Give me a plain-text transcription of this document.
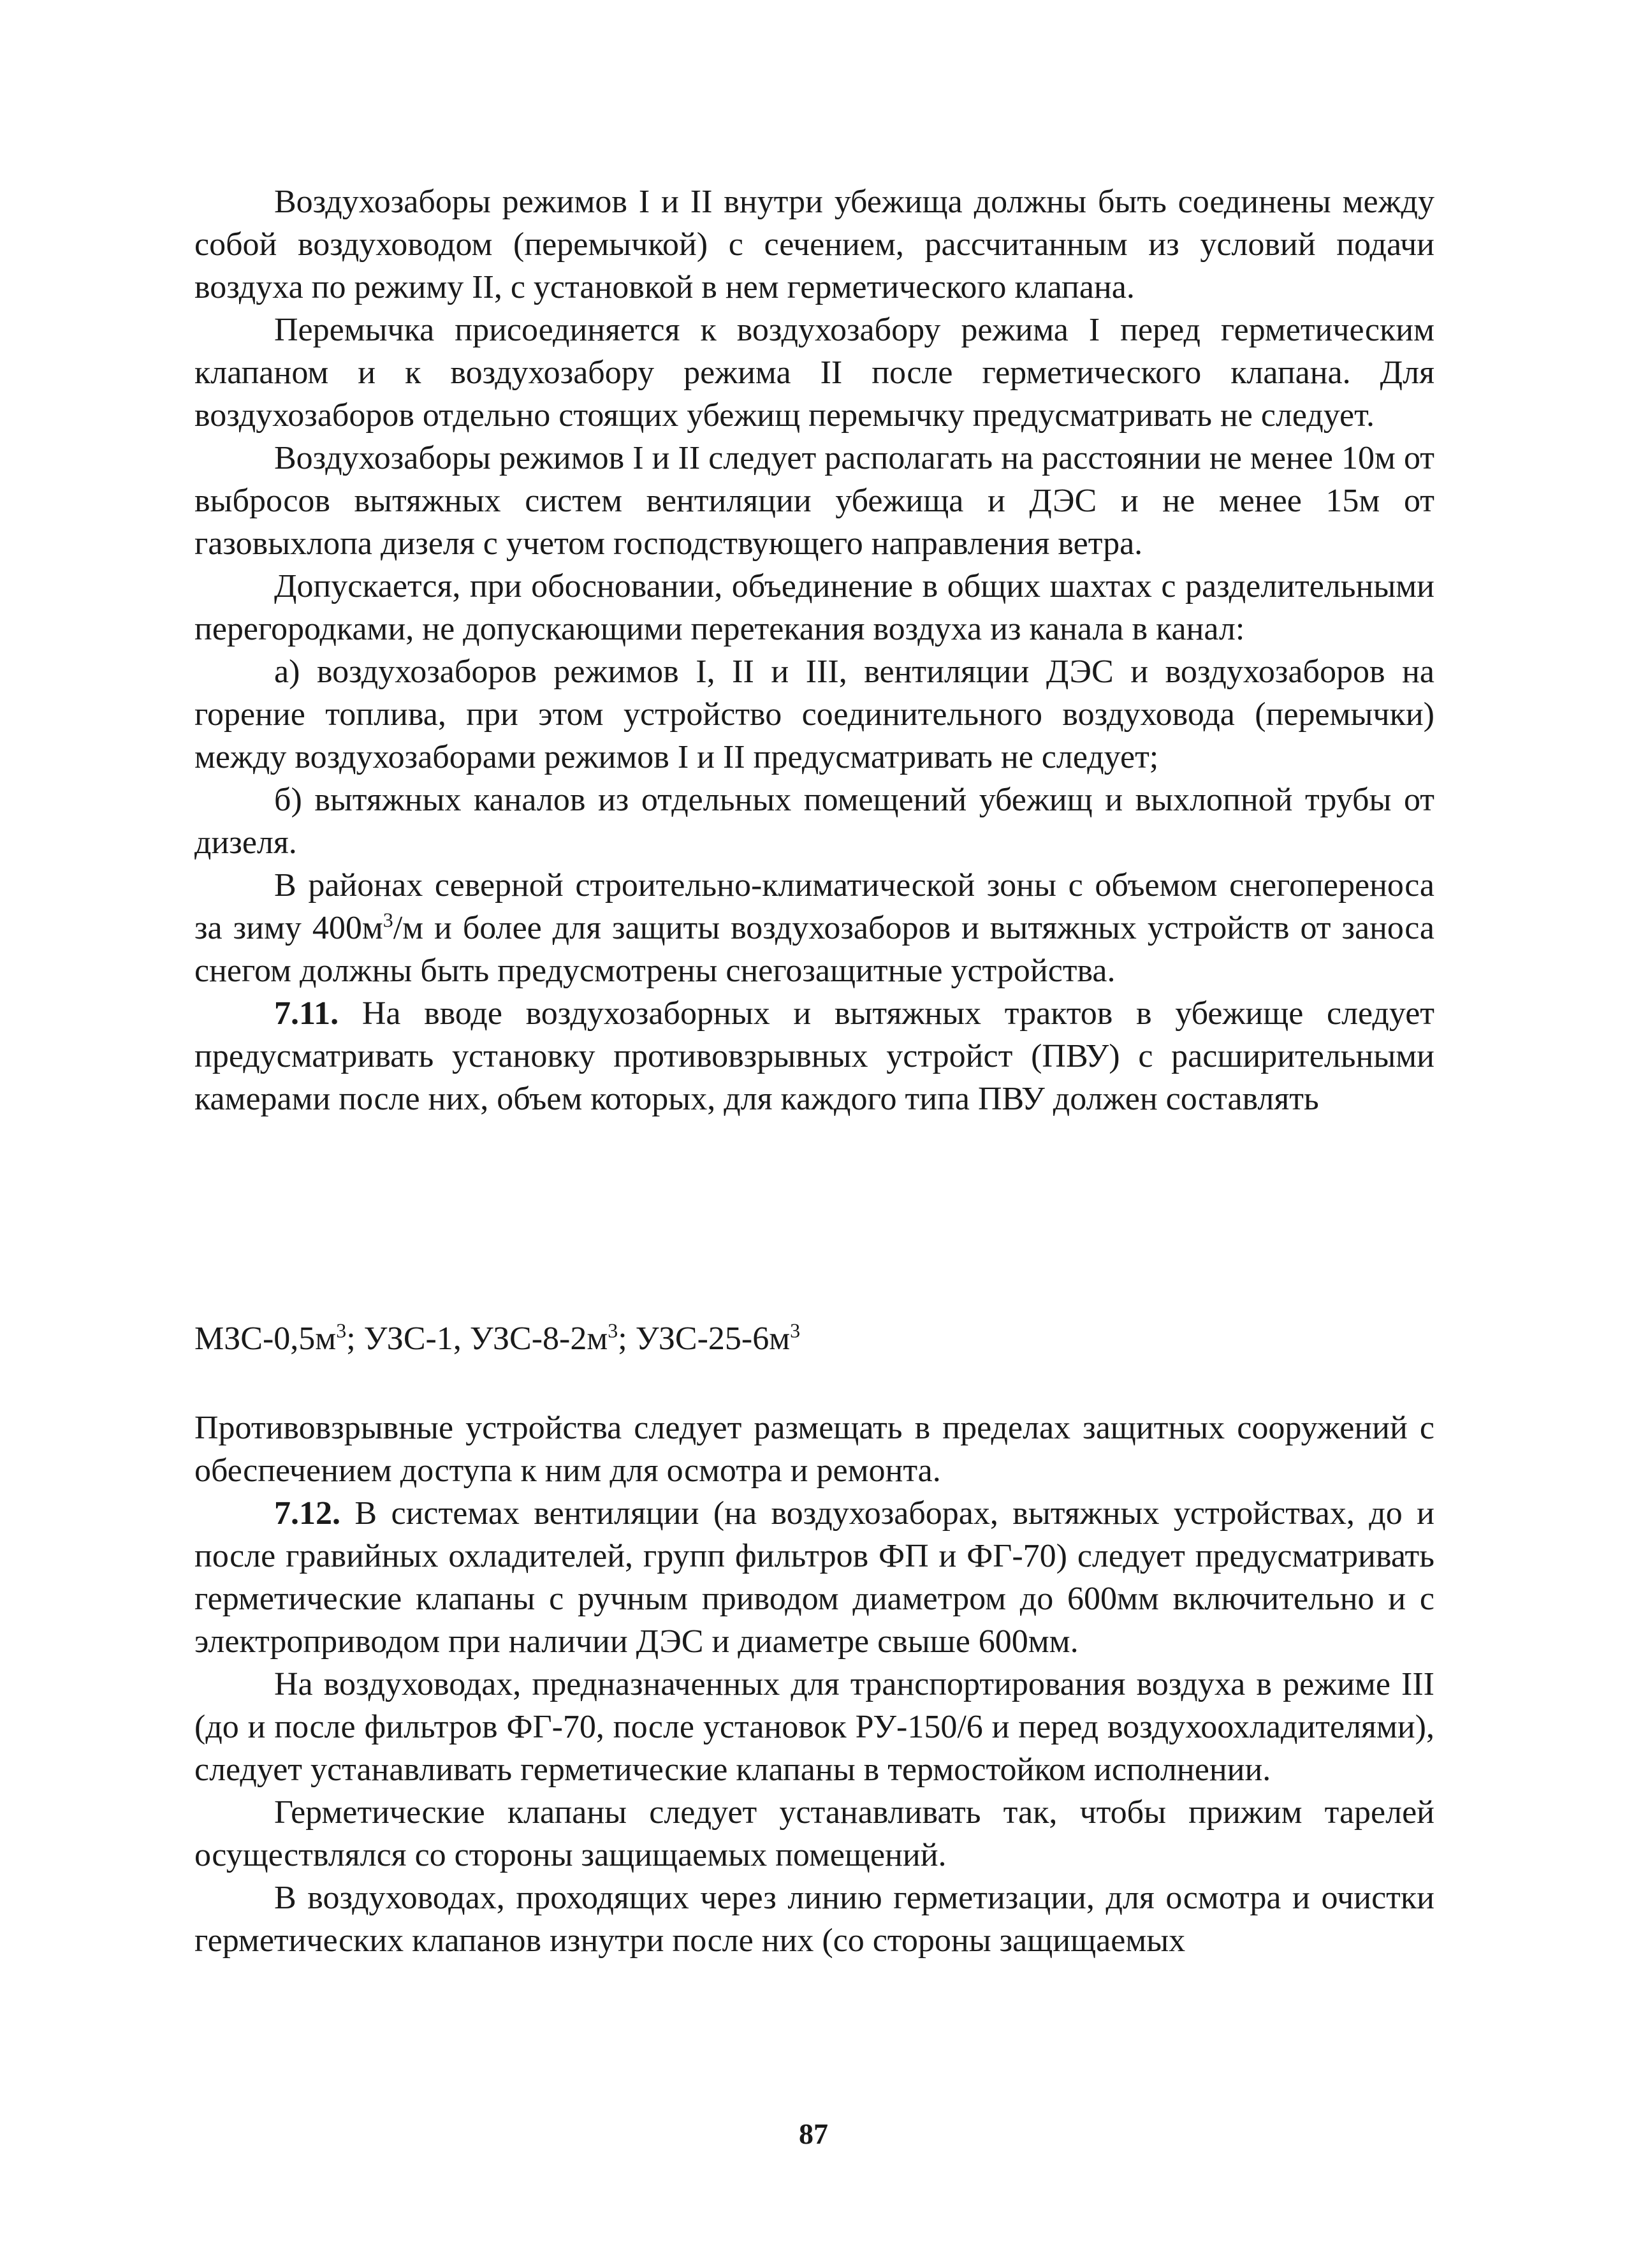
Воздухозаборы режимов I и II внутри убежища должны быть соединены между собой воздуховодом (перемычкой) с сечением, рассчитанным из условий подачи воздуха по режиму II, с установкой в нем герметического клапана.

Перемычка присоединяется к воздухозабору режима I перед герметическим клапаном и к воздухозабору режима II после герметического клапана. Для воздухозаборов отдельно стоящих убежищ перемычку предусматривать не следует.

Воздухозаборы режимов I и II следует располагать на расстоянии не менее 10м от выбросов вытяжных систем вентиляции убежища и ДЭС и не менее 15м от газовыхлопа дизеля с учетом господствующего направления ветра.

Допускается, при обосновании, объединение в общих шахтах с разделительными перегородками, не допускающими перетекания воздуха из канала в канал:

а) воздухозаборов режимов I, II и III, вентиляции ДЭС и воздухозаборов на горение топлива, при этом устройство соединительного воздуховода (перемычки) между воздухозаборами режимов I и II предусматривать не следует;

б) вытяжных каналов из отдельных помещений убежищ и выхлопной трубы от дизеля.

В районах северной строительно-климатической зоны с объемом снегопереноса за зиму $400м^3/м$ и более для защиты воздухозаборов и вытяжных устройств от заноса снегом должны быть предусмотрены снегозащитные устройства.

7.11. На вводе воздухозаборных и вытяжных трактов в убежище следует предусматривать установку противовзрывных устройст (ПВУ) с расширительными камерами после них, объем которых, для каждого типа ПВУ должен составлять

МЗС-$0,5м^3$; УЗС-1, УЗС-$8-2м^3$; УЗС-$25-6м^3$

Противовзрывные устройства следует размещать в пределах защитных сооружений с обеспечением доступа к ним для осмотра и ремонта.

7.12. В системах вентиляции (на воздухозаборах, вытяжных устройствах, до и после гравийных охладителей, групп фильтров ФП и ФГ-70) следует предусматривать герметические клапаны с ручным приводом диаметром до 600мм включительно и с электроприводом при наличии ДЭС и диаметре свыше 600мм.

На воздуховодах, предназначенных для транспортирования воздуха в режиме III (до и после фильтров ФГ-70, после установок РУ-150/6 и перед воздухоохладителями), следует устанавливать герметические клапаны в термостойком исполнении.

Герметические клапаны следует устанавливать так, чтобы прижим тарелей осуществлялся со стороны защищаемых помещений.

В воздуховодах, проходящих через линию герметизации, для осмотра и очистки герметических клапанов изнутри после них (со стороны защищаемых

87
